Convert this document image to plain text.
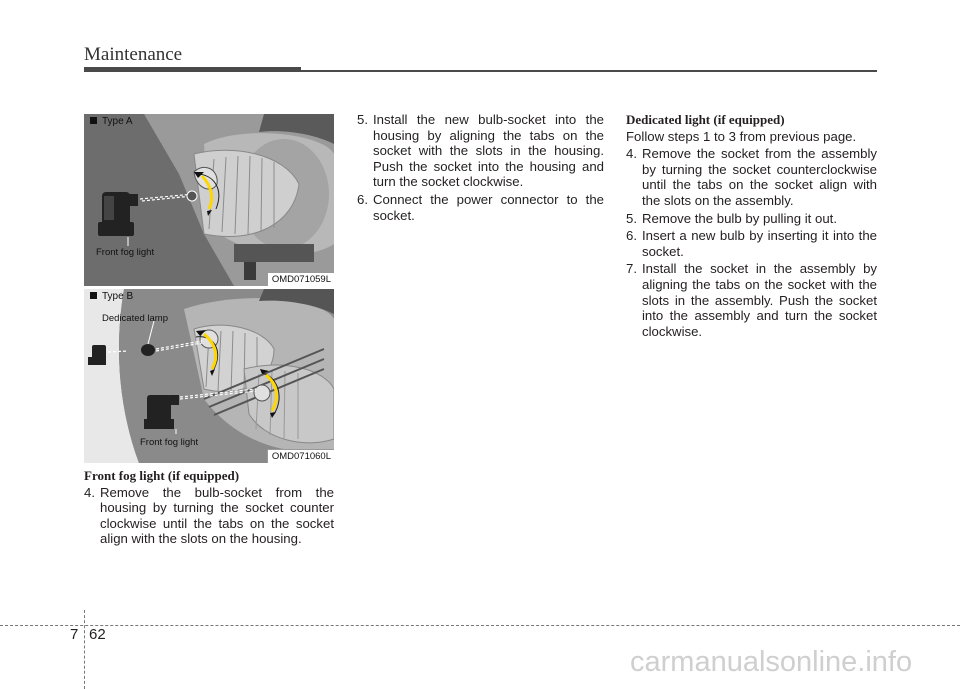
Maintenance
Type A
Front fog light
OMD071059L
Type B
Dedicated lamp
Front fog light
OMD071060L
Front fog light (if equipped)
4. Remove the bulb-socket from the housing by turning the socket counter clockwise until the tabs on the socket align with the slots on the housing.
5. Install the new bulb-socket into the housing by aligning the tabs on the socket with the slots in the housing. Push the socket into the housing and turn the socket clockwise.
6. Connect the power connector to the socket.
Dedicated light (if equipped)
Follow steps 1 to 3 from previous page.
4. Remove the socket from the assembly by turning the socket counterclockwise until the tabs on the socket align with the slots on the assembly.
5. Remove the bulb by pulling it out.
6. Insert a new bulb by inserting it into the socket.
7. Install the socket in the assembly by aligning the tabs on the socket with the slots in the assembly. Push the socket into the assembly and turn the socket clockwise.
7 62
carmanualsonline.info
